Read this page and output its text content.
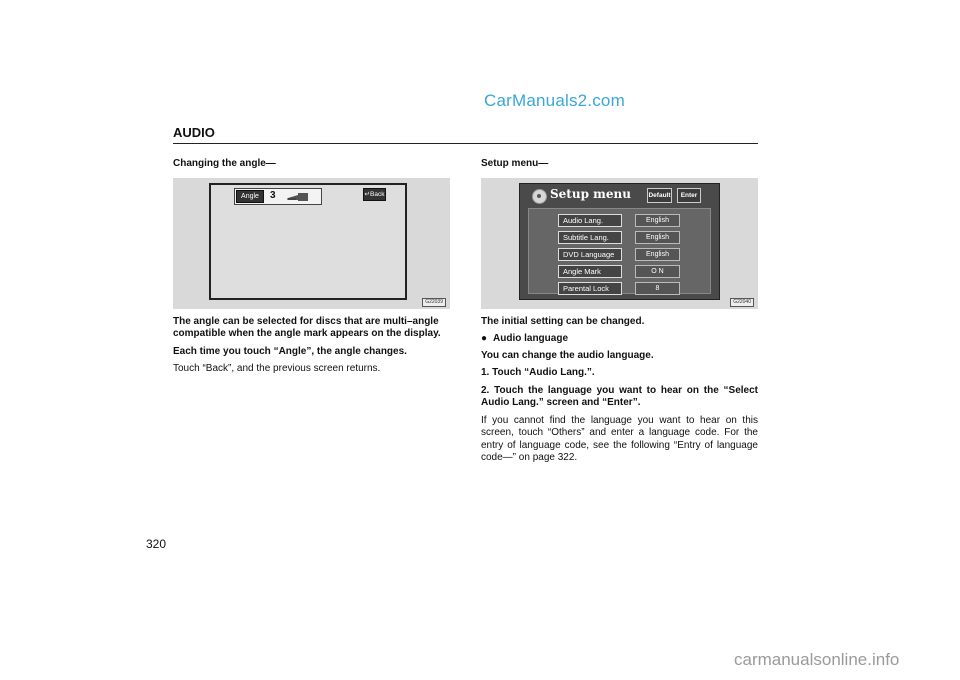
CarManuals2.com
AUDIO
Changing the angle—
Angle	3	↵Back
G22039
The angle can be selected for discs that are multi–angle compatible when the angle mark appears on the display.
Each time you touch “Angle”, the angle changes.
Touch “Back”, and the previous screen returns.
Setup menu—
Setup menu	Default	Enter
Audio Lang.	English
Subtitle Lang.	English
DVD Language	English
Angle Mark	O N
Parental Lock	8
G22040
The initial setting can be changed.
● Audio language
You can change the audio language.
1. Touch “Audio Lang.”.
2. Touch the language you want to hear on the “Select Audio Lang.” screen and “Enter”.
If you cannot find the language you want to hear on this screen, touch “Others” and enter a language code. For the entry of language code, see the following “Entry of language code—” on page 322.
320
carmanualsonline.info
